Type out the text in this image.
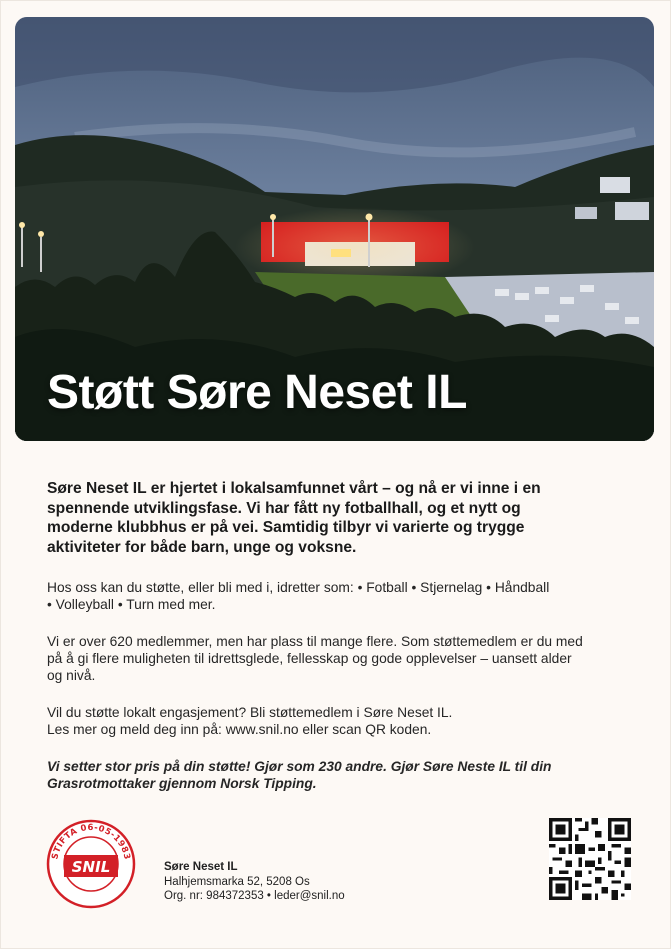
Støtt Søre Neset IL

Søre Neset IL er hjertet i lokalsamfunnet vårt – og nå er vi inne i en spennende utviklingsfase. Vi har fått ny fotballhall, og et nytt og moderne klubbhus er på vei. Samtidig tilbyr vi varierte og trygge aktiviteter for både barn, unge og voksne.

Hos oss kan du støtte, eller bli med i, idretter som: • Fotball • Stjernelag • Håndball • Volleyball • Turn med mer.

Vi er over 620 medlemmer, men har plass til mange flere. Som støttemedlem er du med på å gi flere muligheten til idrettsglede, fellesskap og gode opplevelser – uansett alder og nivå.

Vil du støtte lokalt engasjement? Bli støttemedlem i Søre Neset IL.
Les mer og meld deg inn på: www.snil.no eller scan QR koden.

Vi setter stor pris på din støtte! Gjør som 230 andre. Gjør Søre Neste IL til din Grasrotmottaker gjennom Norsk Tipping.

STIFTA 06-05-1983
SNIL	Søre Neset IL
Halhjemsmarka 52, 5208 Os
Org. nr: 984372353 • leder@snil.no
